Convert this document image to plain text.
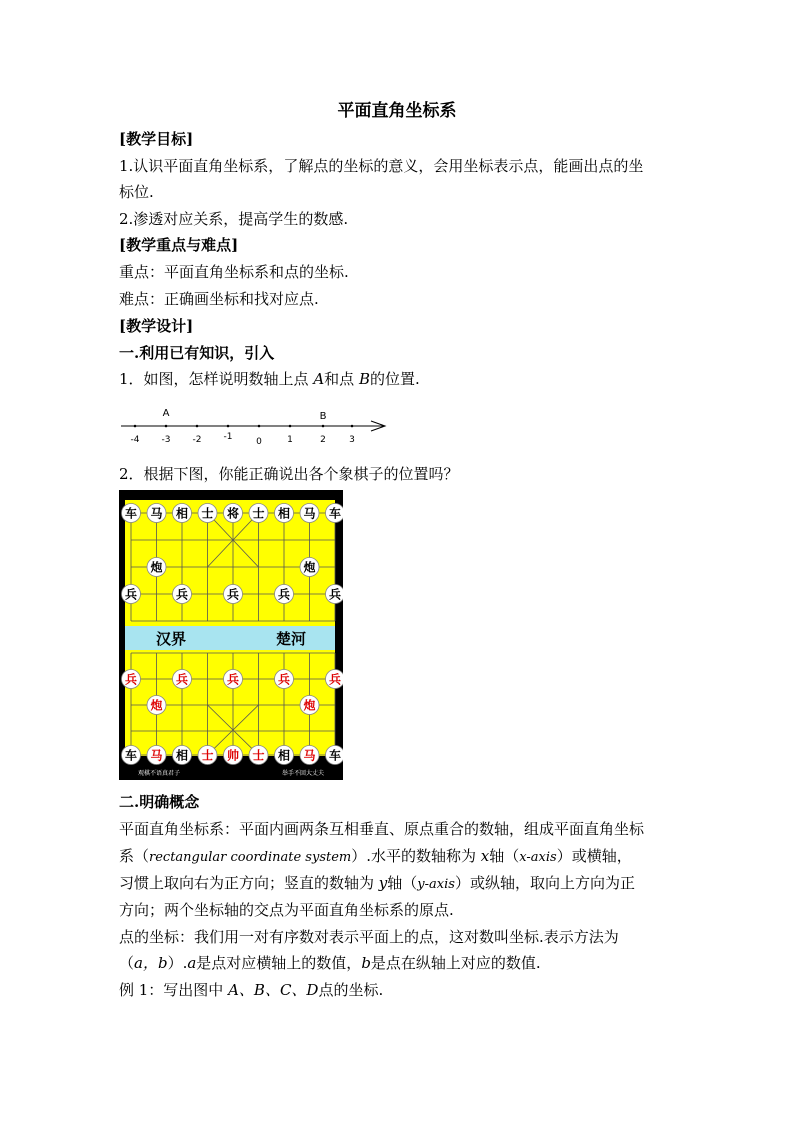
平面直角坐标系
[教学目标]
1.认识平面直角坐标系，了解点的坐标的意义，会用坐标表示点，能画出点的坐
标位.
2.渗透对应关系，提高学生的数感.
[教学重点与难点]
重点：平面直角坐标系和点的坐标.
难点：正确画坐标和找对应点.
[教学设计]
一.利用已有知识，引入
1．如图，怎样说明数轴上点 A和点 B的位置.
-4 -3 -2 -1	0	1	2	3
A	B
2．根据下图，你能正确说出各个象棋子的位置吗？
汉界	楚河
车 马 相 士 将 士 相 马 车
炮	炮
兵	兵	兵	兵	兵
兵	兵	兵	兵	兵
炮	炮
车 马 相 士 帅 士 相 马 车
观棋不语真君子	举手不回大丈夫
二.明确概念
平面直角坐标系：平面内画两条互相垂直、原点重合的数轴，组成平面直角坐标
系（rectangular coordinate system）.水平的数轴称为 x轴（x-axis）或横轴，
习惯上取向右为正方向；竖直的数轴为 y轴（y-axis）或纵轴，取向上方向为正
方向；两个坐标轴的交点为平面直角坐标系的原点.
点的坐标：我们用一对有序数对表示平面上的点，这对数叫坐标.表示方法为
（a，b）.a是点对应横轴上的数值，b是点在纵轴上对应的数值.
例 1：写出图中 A、B、C、D点的坐标.
